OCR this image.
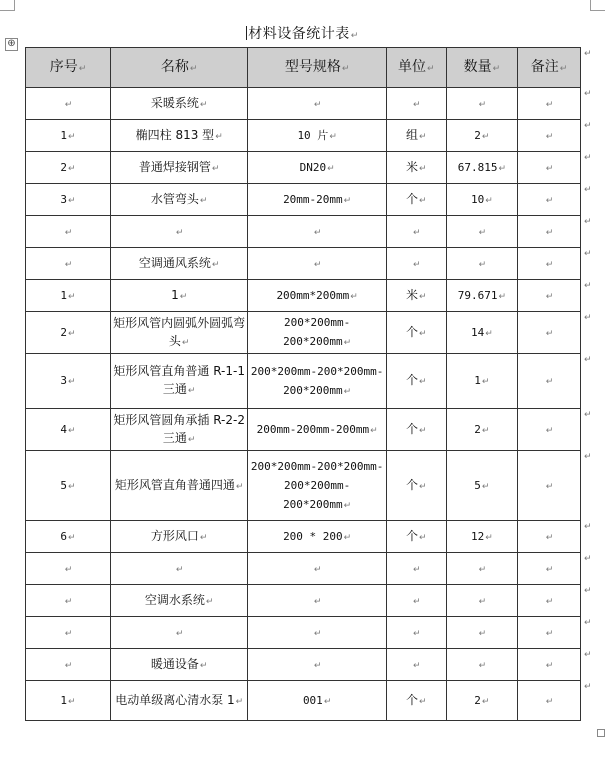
材料设备统计表↵
⊕
序号↵	名称↵	型号规格↵	单位↵	数量↵	备注↵
↵	采暖系统↵	↵	↵	↵	↵
1↵	椭四柱 813 型↵	10 片↵	组↵	2↵	↵
2↵	普通焊接钢管↵	DN20↵	米↵	67.815↵	↵
3↵	水管弯头↵	20mm-20mm↵	个↵	10↵	↵
↵	↵	↵	↵	↵	↵
↵	空调通风系统↵	↵	↵	↵	↵
1↵	1↵	200mm*200mm↵	米↵	79.671↵	↵
2↵	矩形风管内圆弧外圆弧弯头↵	200*200mm-200*200mm↵	个↵	14↵	↵
3↵	矩形风管直角普通 R-1-1 三通↵	200*200mm-200*200mm-200*200mm↵	个↵	1↵	↵
4↵	矩形风管圆角承插 R-2-2 三通↵	200mm-200mm-200mm↵	个↵	2↵	↵
5↵	矩形风管直角普通四通↵	200*200mm-200*200mm-200*200mm-200*200mm↵	个↵	5↵	↵
6↵	方形风口↵	200 * 200↵	个↵	12↵	↵
↵	↵	↵	↵	↵	↵
↵	空调水系统↵	↵	↵	↵	↵
↵	↵	↵	↵	↵	↵
↵	暖通设备↵	↵	↵	↵	↵
1↵	电动单级离心清水泵 1↵	001↵	个↵	2↵	↵
↵
↵
↵
↵
↵
↵
↵
↵
↵
↵
↵
↵
↵
↵
↵
↵
↵
↵
